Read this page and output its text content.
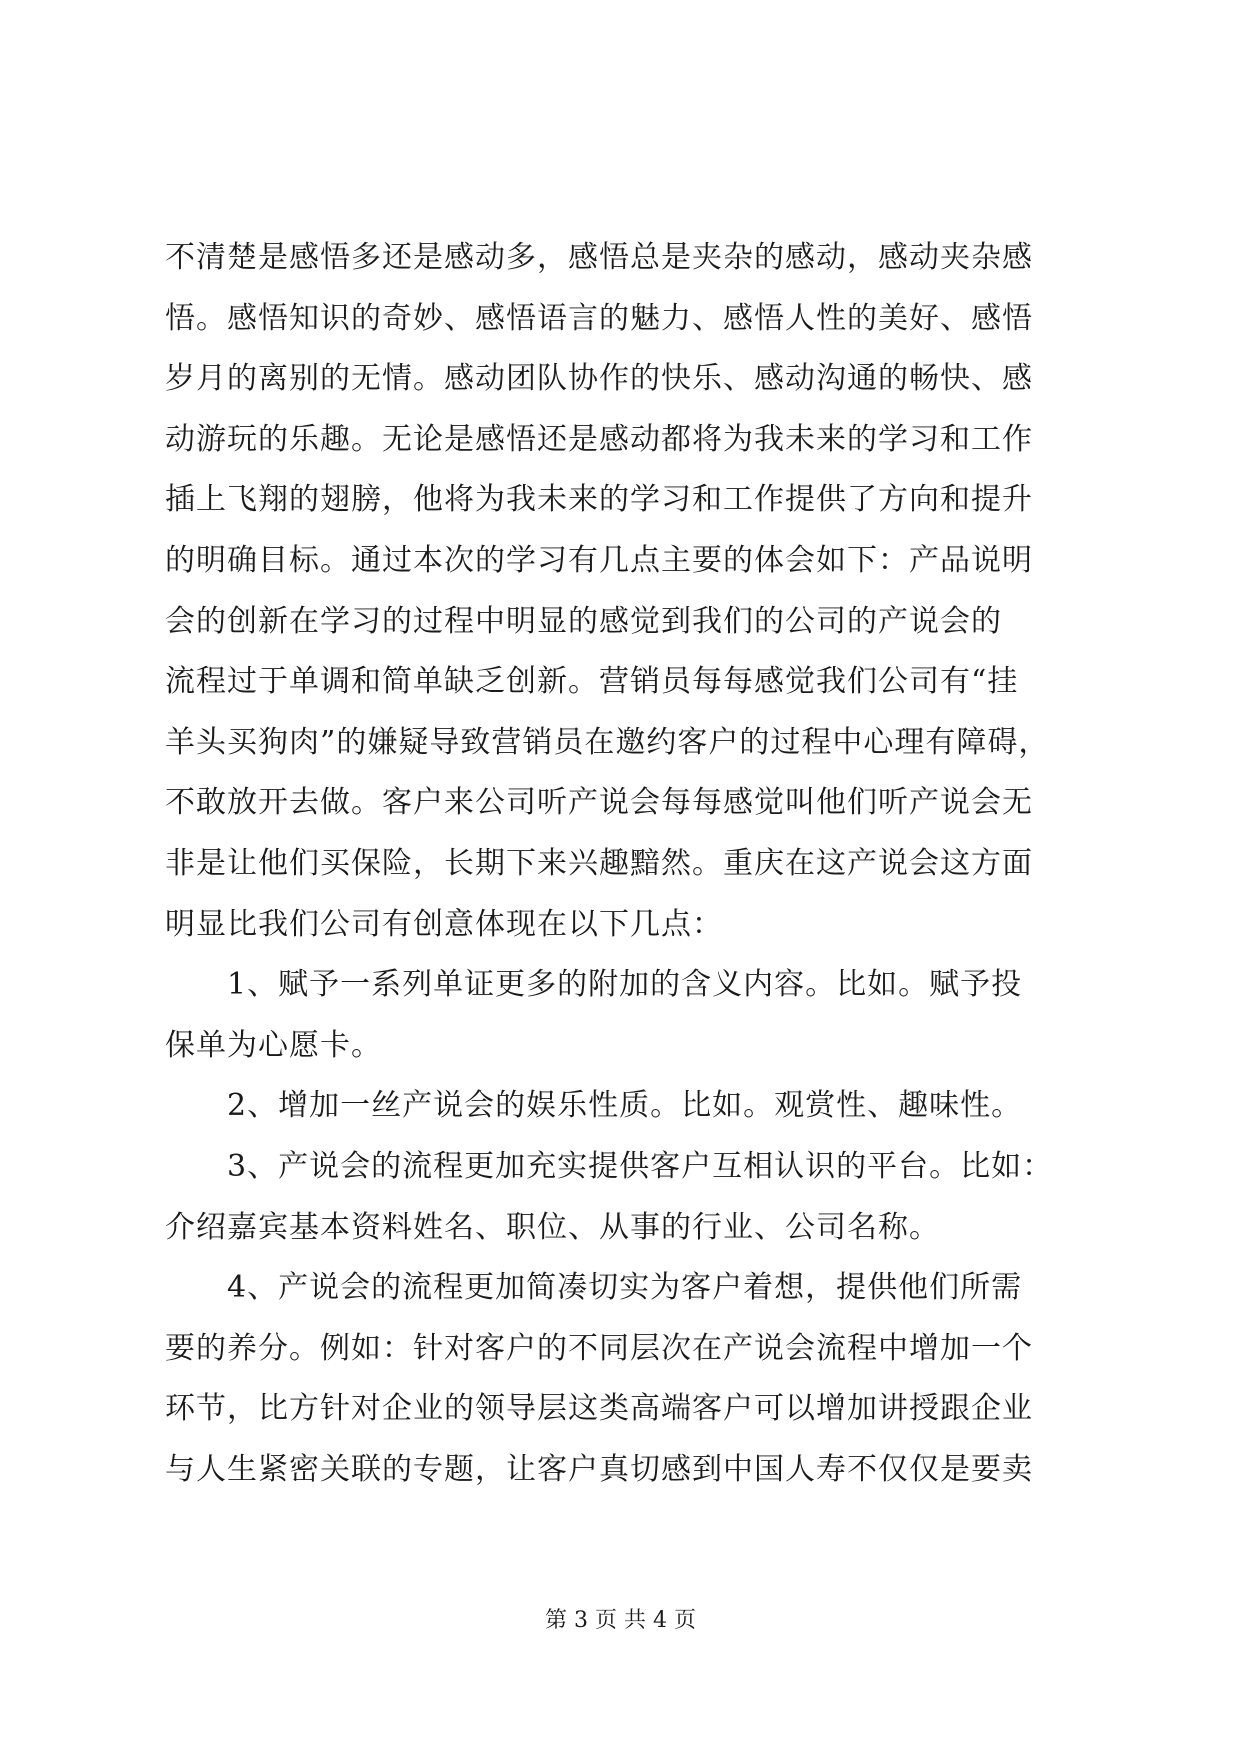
不清楚是感悟多还是感动多，感悟总是夹杂的感动，感动夹杂感
悟。感悟知识的奇妙、感悟语言的魅力、感悟人性的美好、感悟
岁月的离别的无情。感动团队协作的快乐、感动沟通的畅快、感
动游玩的乐趣。无论是感悟还是感动都将为我未来的学习和工作
插上飞翔的翅膀，他将为我未来的学习和工作提供了方向和提升
的明确目标。通过本次的学习有几点主要的体会如下：产品说明
会的创新在学习的过程中明显的感觉到我们的公司的产说会的
流程过于单调和简单缺乏创新。营销员每每感觉我们公司有“挂
羊头买狗肉”的嫌疑导致营销员在邀约客户的过程中心理有障碍，
不敢放开去做。客户来公司听产说会每每感觉叫他们听产说会无
非是让他们买保险，长期下来兴趣黯然。重庆在这产说会这方面
明显比我们公司有创意体现在以下几点：
1、赋予一系列单证更多的附加的含义内容。比如。赋予投
保单为心愿卡。
2、增加一丝产说会的娱乐性质。比如。观赏性、趣味性。
3、产说会的流程更加充实提供客户互相认识的平台。比如：
介绍嘉宾基本资料姓名、职位、从事的行业、公司名称。
4、产说会的流程更加简凑切实为客户着想，提供他们所需
要的养分。例如：针对客户的不同层次在产说会流程中增加一个
环节，比方针对企业的领导层这类高端客户可以增加讲授跟企业
与人生紧密关联的专题，让客户真切感到中国人寿不仅仅是要卖
第 3 页 共 4 页
